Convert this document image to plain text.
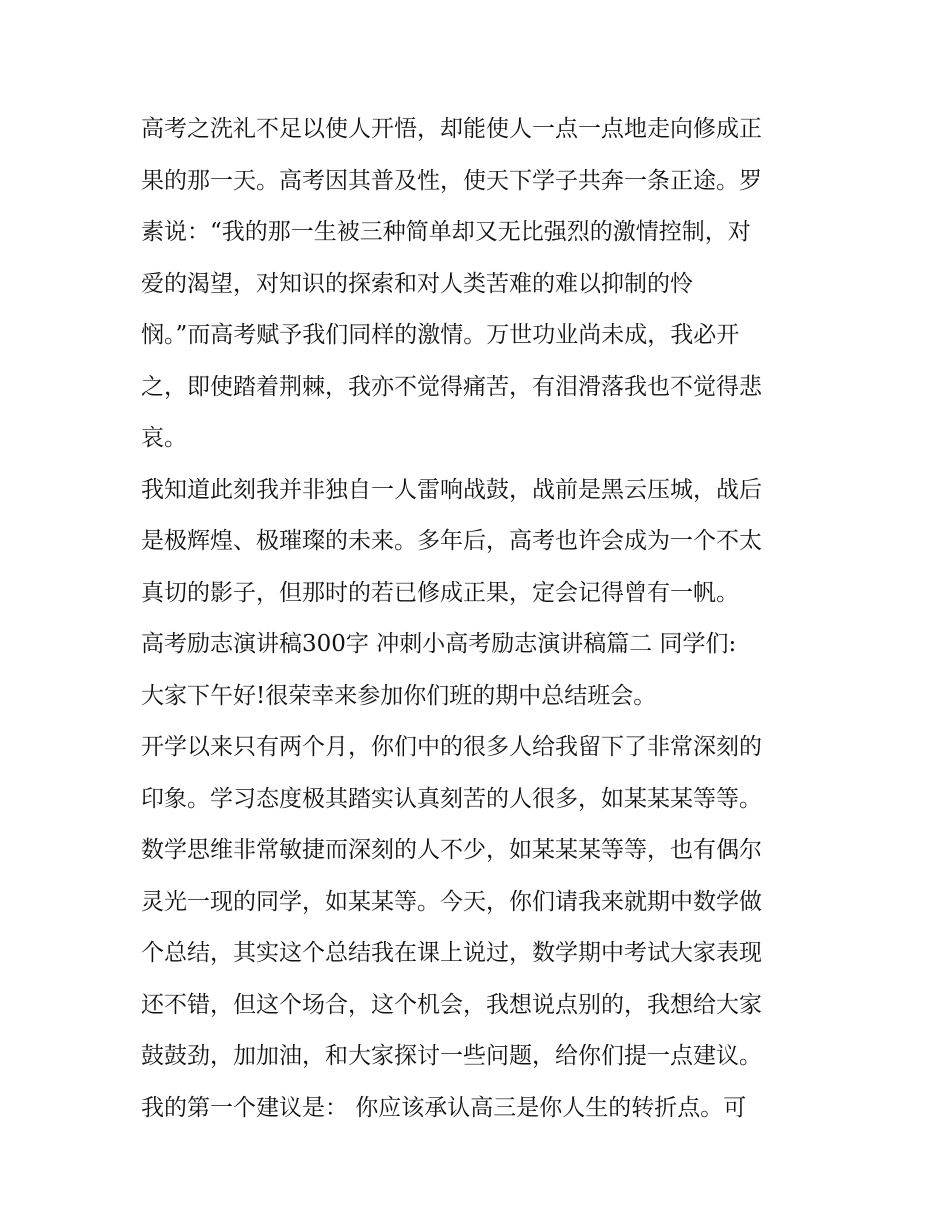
高考之洗礼不足以使人开悟，却能使人一点一点地走向修成正
果的那一天。高考因其普及性，使天下学子共奔一条正途。罗
素说：“我的那一生被三种简单却又无比强烈的激情控制，对
爱的渴望，对知识的探索和对人类苦难的难以抑制的怜
悯。”而高考赋予我们同样的激情。万世功业尚未成，我必开
之，即使踏着荆棘，我亦不觉得痛苦，有泪滑落我也不觉得悲
哀。
我知道此刻我并非独自一人雷响战鼓，战前是黑云压城，战后
是极辉煌、极璀璨的未来。多年后，高考也许会成为一个不太
真切的影子，但那时的若已修成正果，定会记得曾有一帆。
高考励志演讲稿300字 冲刺小高考励志演讲稿篇二 同学们:
大家下午好!很荣幸来参加你们班的期中总结班会。
开学以来只有两个月，你们中的很多人给我留下了非常深刻的
印象。学习态度极其踏实认真刻苦的人很多，如某某某等等。
数学思维非常敏捷而深刻的人不少，如某某某等等，也有偶尔
灵光一现的同学，如某某等。今天，你们请我来就期中数学做
个总结，其实这个总结我在课上说过，数学期中考试大家表现
还不错，但这个场合，这个机会，我想说点别的，我想给大家
鼓鼓劲，加加油，和大家探讨一些问题，给你们提一点建议。
我的第一个建议是： 你应该承认高三是你人生的转折点。可
